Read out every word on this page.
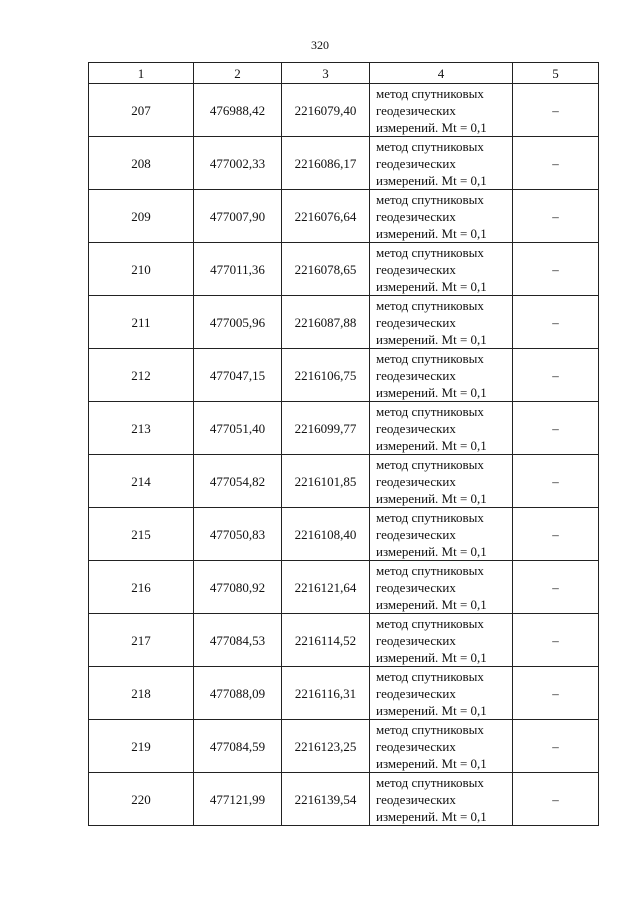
320
1	2	3	4	5
207	476988,42	2216079,40	метод спутниковых
геодезических
измерений. Mt = 0,1	–
208	477002,33	2216086,17	метод спутниковых
геодезических
измерений. Mt = 0,1	–
209	477007,90	2216076,64	метод спутниковых
геодезических
измерений. Mt = 0,1	–
210	477011,36	2216078,65	метод спутниковых
геодезических
измерений. Mt = 0,1	–
211	477005,96	2216087,88	метод спутниковых
геодезических
измерений. Mt = 0,1	–
212	477047,15	2216106,75	метод спутниковых
геодезических
измерений. Mt = 0,1	–
213	477051,40	2216099,77	метод спутниковых
геодезических
измерений. Mt = 0,1	–
214	477054,82	2216101,85	метод спутниковых
геодезических
измерений. Mt = 0,1	–
215	477050,83	2216108,40	метод спутниковых
геодезических
измерений. Mt = 0,1	–
216	477080,92	2216121,64	метод спутниковых
геодезических
измерений. Mt = 0,1	–
217	477084,53	2216114,52	метод спутниковых
геодезических
измерений. Mt = 0,1	–
218	477088,09	2216116,31	метод спутниковых
геодезических
измерений. Mt = 0,1	–
219	477084,59	2216123,25	метод спутниковых
геодезических
измерений. Mt = 0,1	–
220	477121,99	2216139,54	метод спутниковых
геодезических
измерений. Mt = 0,1	–
